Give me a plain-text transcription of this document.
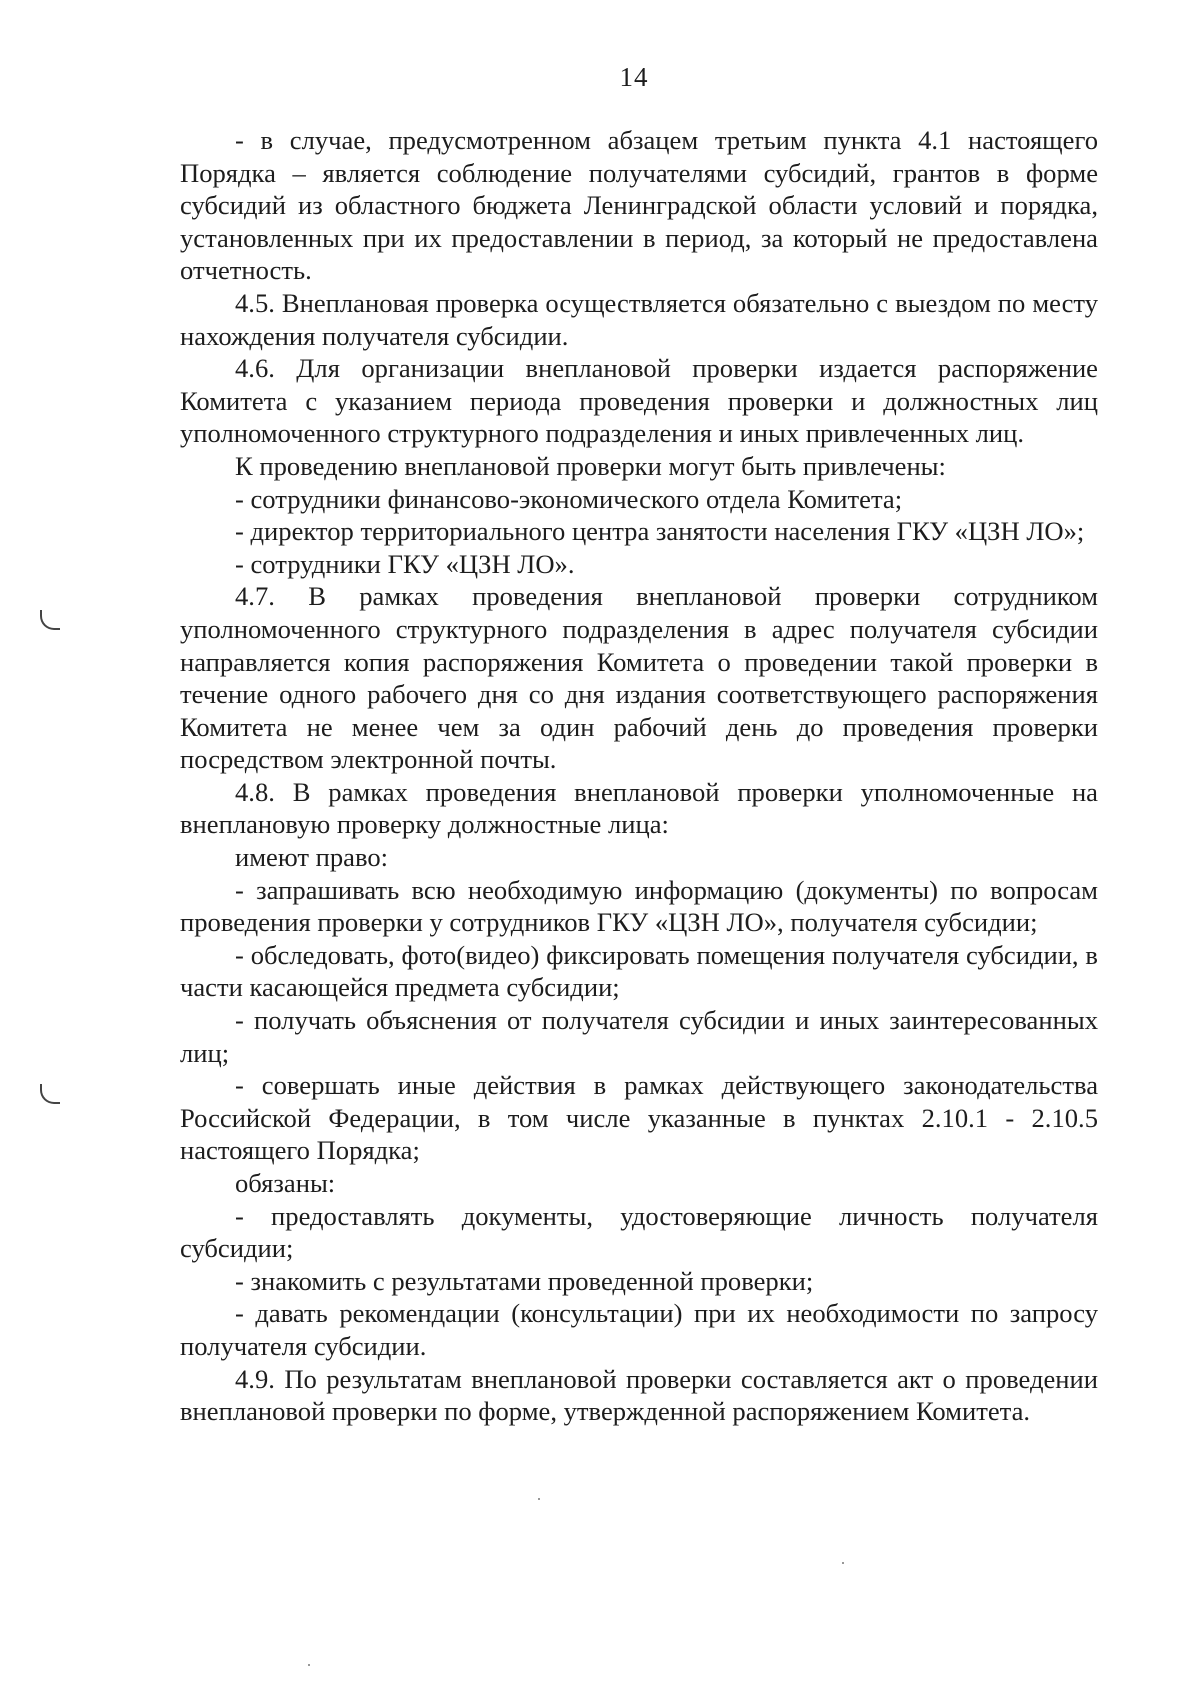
14

- в случае, предусмотренном абзацем третьим пункта 4.1 настоящего Порядка – является соблюдение получателями субсидий, грантов в форме субсидий из областного бюджета Ленинградской области условий и порядка, установленных при их предоставлении в период, за который не предоставлена отчетность.

4.5. Внеплановая проверка осуществляется обязательно с выездом по месту нахождения получателя субсидии.

4.6. Для организации внеплановой проверки издается распоряжение Комитета с указанием периода проведения проверки и должностных лиц уполномоченного структурного подразделения и иных привлеченных лиц.

К проведению внеплановой проверки могут быть привлечены:

- сотрудники финансово-экономического отдела Комитета;

- директор территориального центра занятости населения ГКУ «ЦЗН ЛО»;

- сотрудники ГКУ «ЦЗН ЛО».

4.7. В рамках проведения внеплановой проверки сотрудником уполномоченного структурного подразделения в адрес получателя субсидии направляется копия распоряжения Комитета о проведении такой проверки в течение одного рабочего дня со дня издания соответствующего распоряжения Комитета не менее чем за один рабочий день до проведения проверки посредством электронной почты.

4.8. В рамках проведения внеплановой проверки уполномоченные на внеплановую проверку должностные лица:

имеют право:

- запрашивать всю необходимую информацию (документы) по вопросам проведения проверки у сотрудников ГКУ «ЦЗН ЛО», получателя субсидии;

- обследовать, фото(видео) фиксировать помещения получателя субсидии, в части касающейся предмета субсидии;

- получать объяснения от получателя субсидии и иных заинтересованных лиц;

- совершать иные действия в рамках действующего законодательства Российской Федерации, в том числе указанные в пунктах 2.10.1 - 2.10.5 настоящего Порядка;

обязаны:

- предоставлять документы, удостоверяющие личность получателя субсидии;

- знакомить с результатами проведенной проверки;

- давать рекомендации (консультации) при их необходимости по запросу получателя субсидии.

4.9. По результатам внеплановой проверки составляется акт о проведении внеплановой проверки по форме, утвержденной распоряжением Комитета.
